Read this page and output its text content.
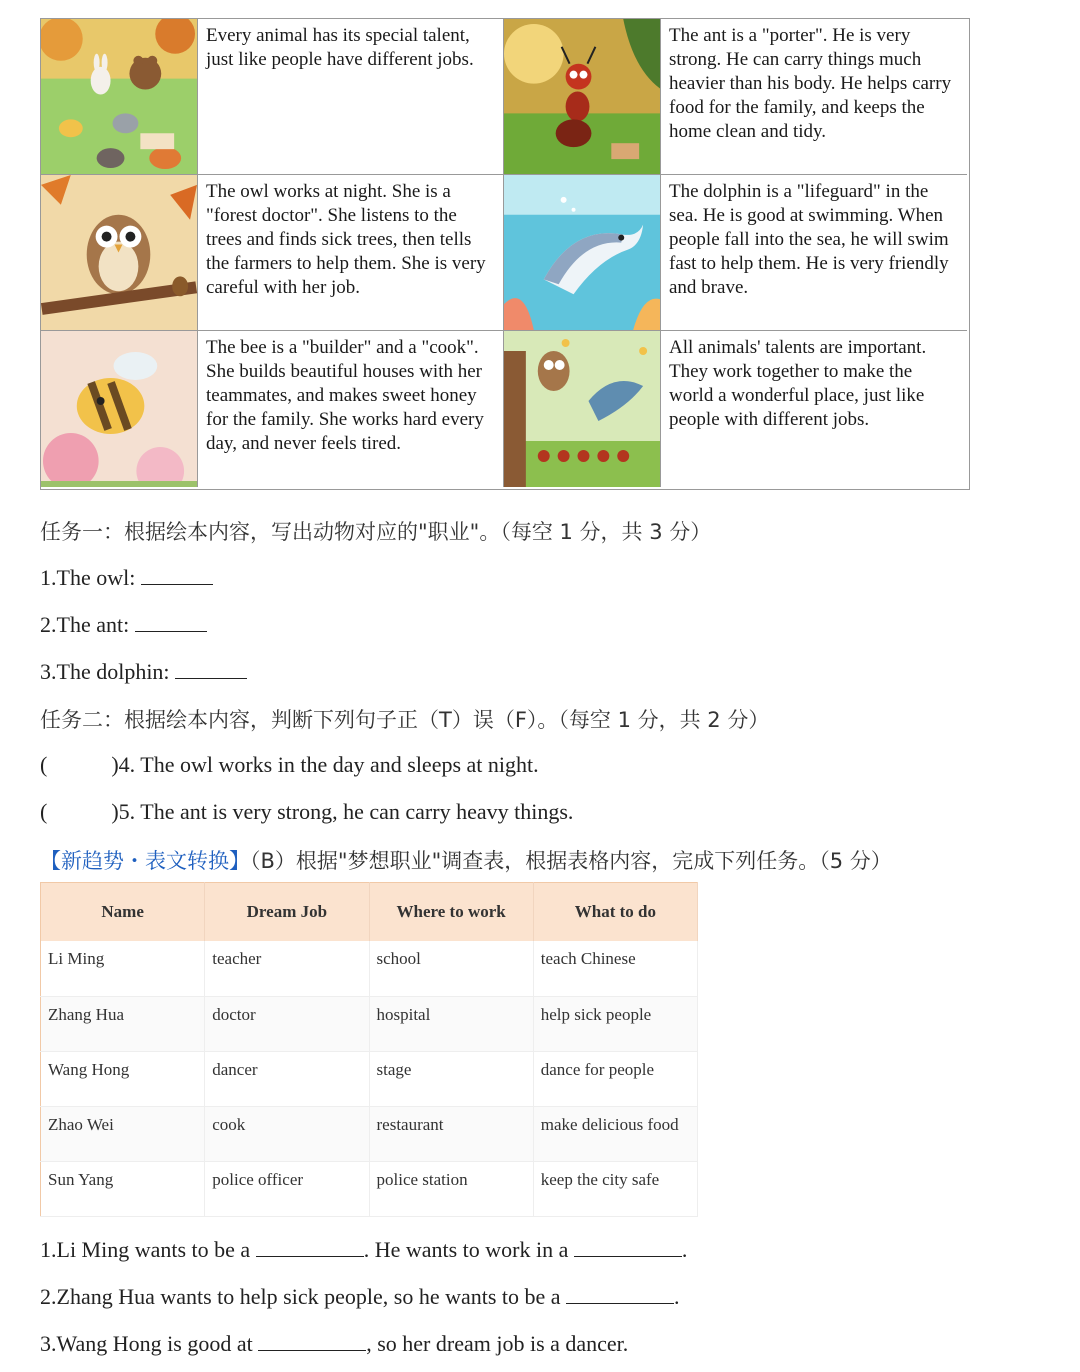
Every animal has its special talent, just like people have different jobs.
The ant is a "porter". He is very strong. He can carry things much heavier than his body. He helps carry food for the family, and keeps the home clean and tidy.
The owl works at night. She is a "forest doctor". She listens to the trees and finds sick trees, then tells the farmers to help them. She is very careful with her job.
The dolphin is a "lifeguard" in the sea. He is good at swimming. When people fall into the sea, he will swim fast to help them. He is very friendly and brave.
The bee is a "builder" and a "cook". She builds beautiful houses with her teammates, and makes sweet honey for the family. She works hard every day, and never feels tired.
All animals' talents are important. They work together to make the world a wonderful place, just like people with different jobs.
任务一：根据绘本内容，写出动物对应的"职业"。（每空 1 分，共 3 分）
1.The owl:
2.The ant:
3.The dolphin:
任务二：根据绘本内容，判断下列句子正（T）误（F）。（每空 1 分，共 2 分）
(	)4. The owl works in the day and sleeps at night.
(	)5. The ant is very strong, he can carry heavy things.
【新趋势・表文转换】（B）根据"梦想职业"调查表，根据表格内容，完成下列任务。（5 分）
Name	Dream Job	Where to work	What to do
Li Ming	teacher	school	teach Chinese
Zhang Hua	doctor	hospital	help sick people
Wang Hong	dancer	stage	dance for people
Zhao Wei	cook	restaurant	make delicious food
Sun Yang	police officer	police station	keep the city safe
1.Li Ming wants to be a	. He wants to work in a	.
2.Zhang Hua wants to help sick people, so he wants to be a	.
3.Wang Hong is good at	, so her dream job is a dancer.
